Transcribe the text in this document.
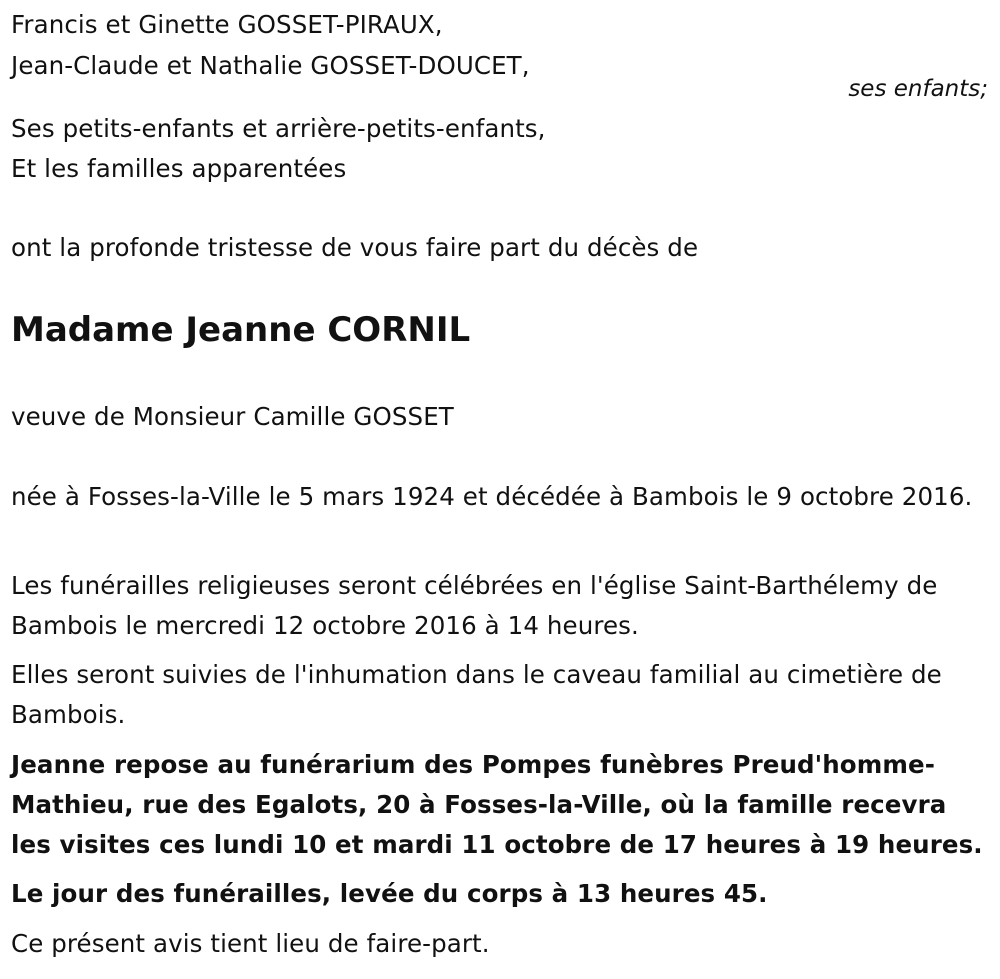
Francis et Ginette GOSSET-PIRAUX,
Jean-Claude et Nathalie GOSSET-DOUCET,
ses enfants;
Ses petits-enfants et arrière-petits-enfants,
Et les familles apparentées
ont la profonde tristesse de vous faire part du décès de
Madame Jeanne CORNIL
veuve de Monsieur Camille GOSSET
née à Fosses-la-Ville le 5 mars 1924 et décédée à Bambois le 9 octobre 2016.
Les funérailles religieuses seront célébrées en l'église Saint-Barthélemy de Bambois le mercredi 12 octobre 2016 à 14 heures.
Elles seront suivies de l'inhumation dans le caveau familial au cimetière de Bambois.
Jeanne repose au funérarium des Pompes funèbres Preud'homme-Mathieu, rue des Egalots, 20 à Fosses-la-Ville, où la famille recevra les visites ces lundi 10 et mardi 11 octobre de 17 heures à 19 heures.
Le jour des funérailles, levée du corps à 13 heures 45.
Ce présent avis tient lieu de faire-part.
